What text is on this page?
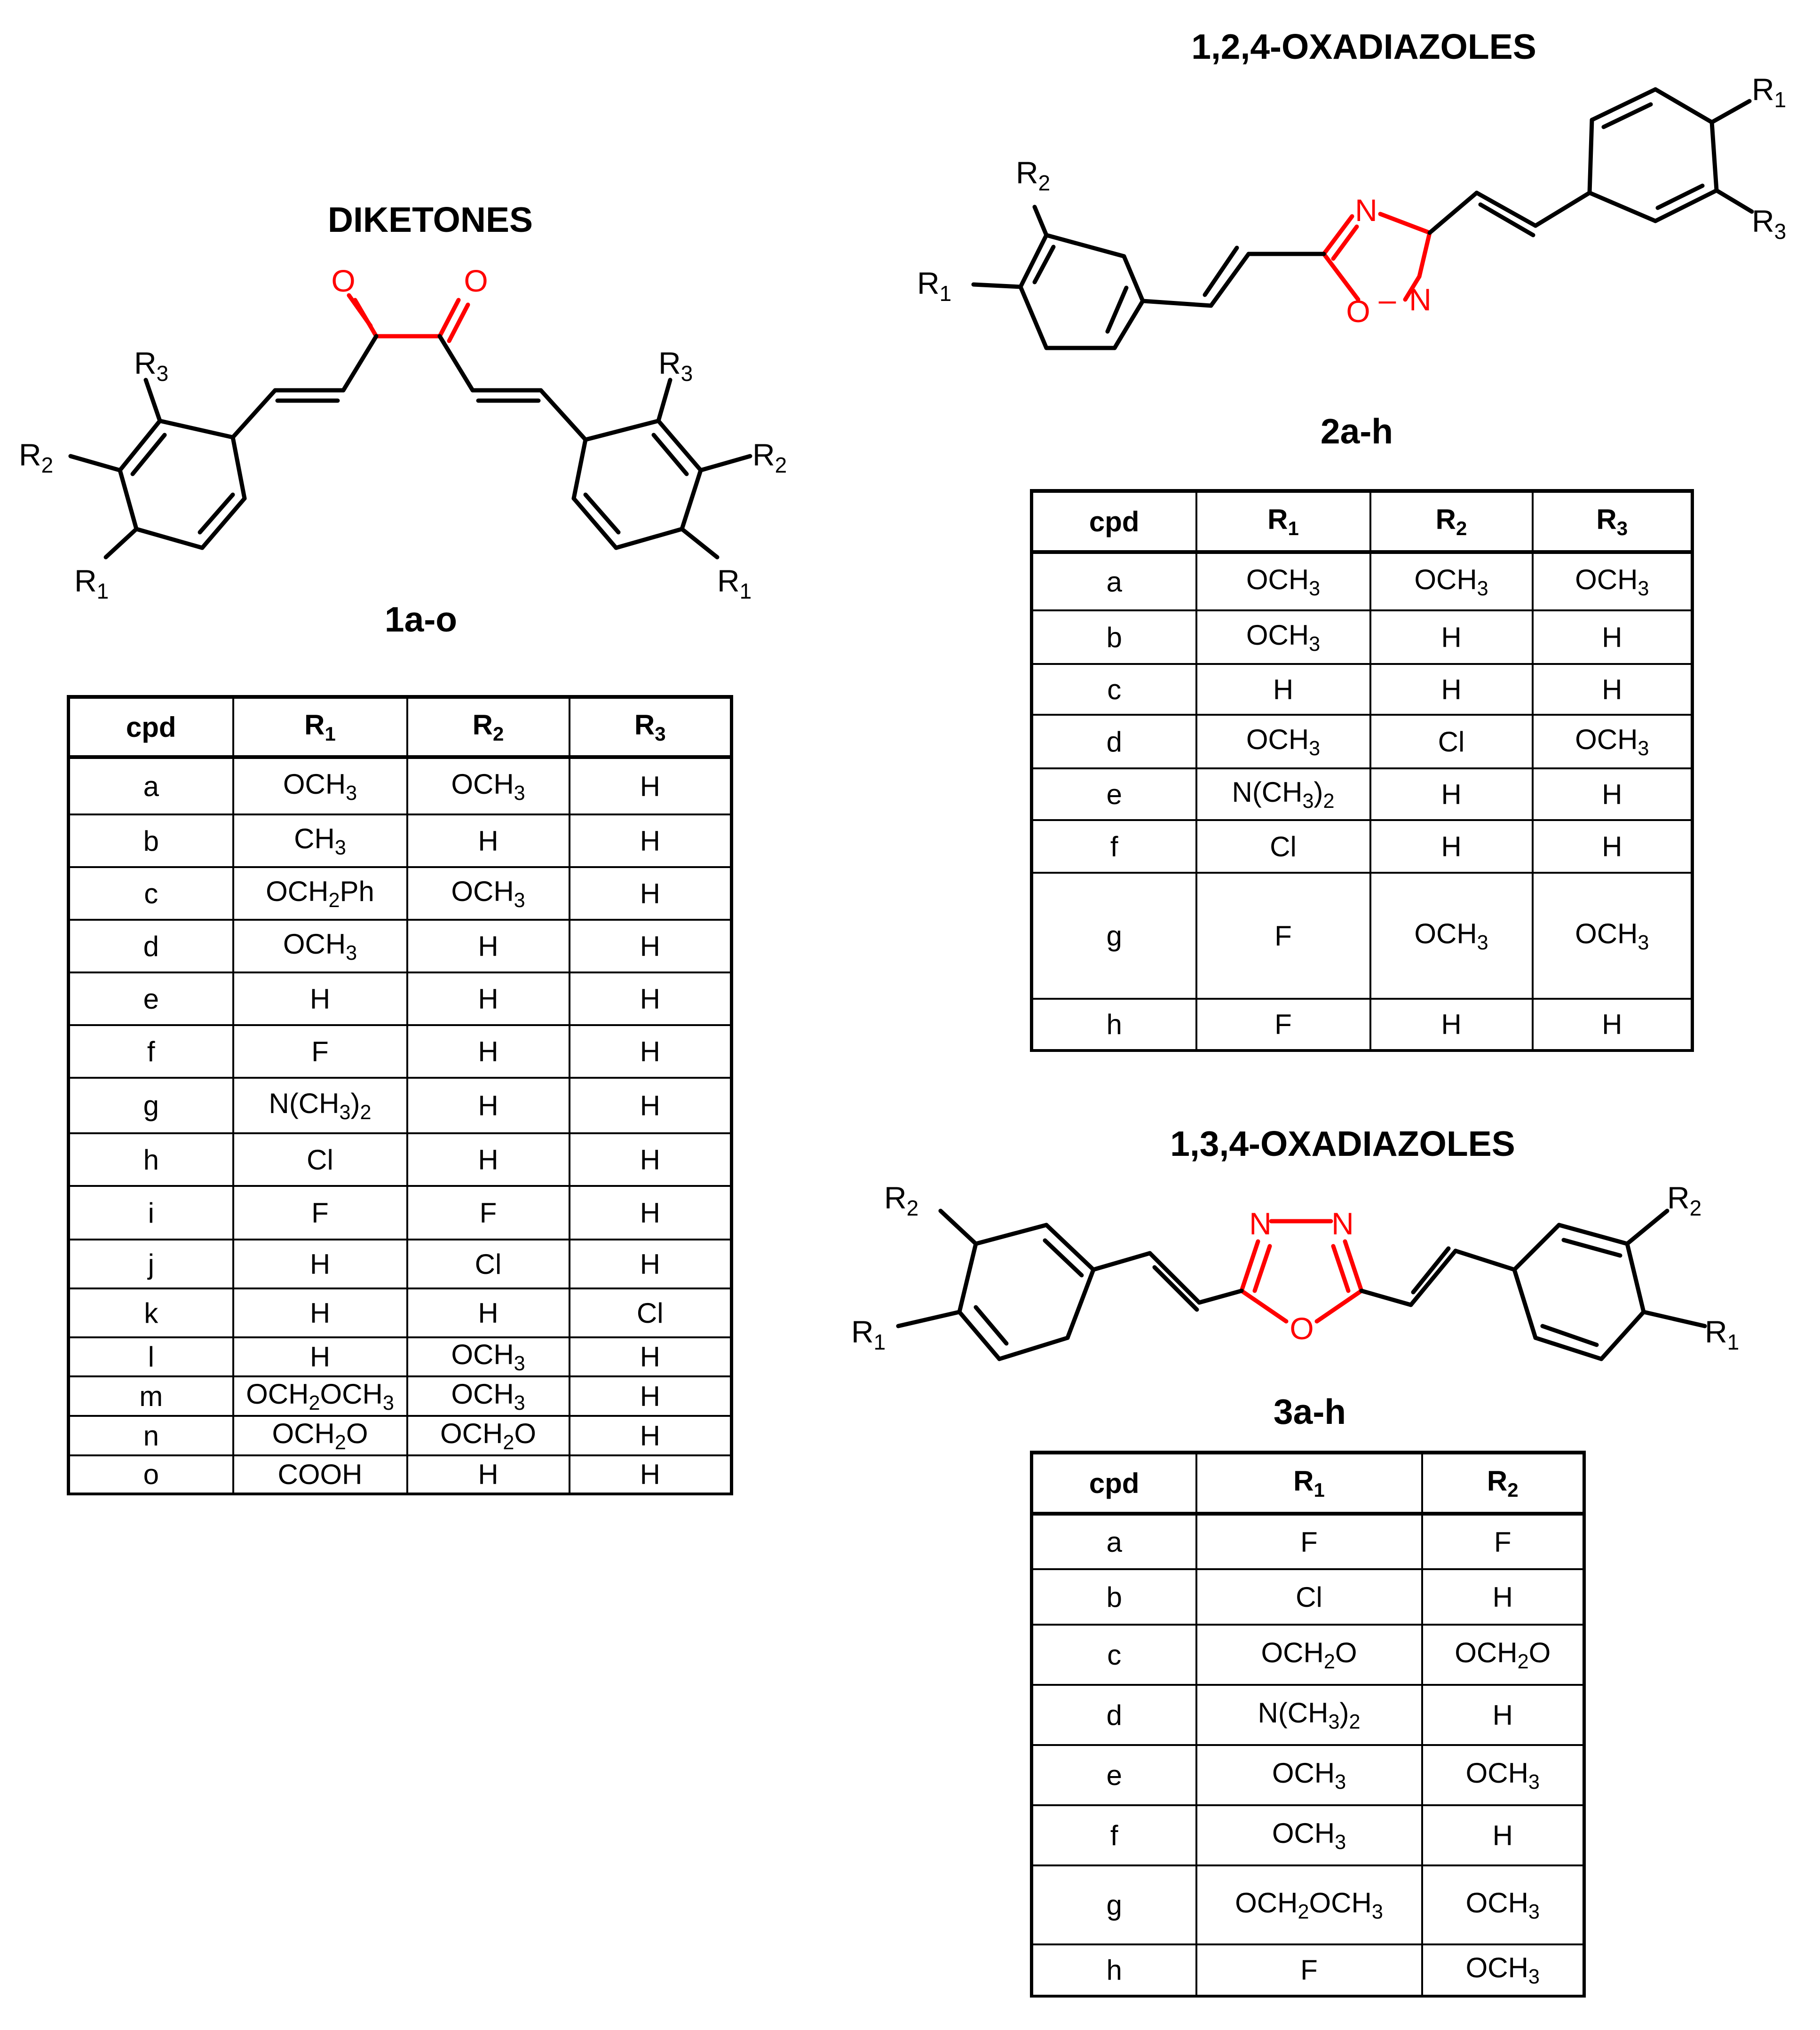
DIKETONES
1a-o
O	O
$R_3$
$R_2$
$R_1$
$R_3$
$R_2$
$R_1$
1,2,4-OXADIAZOLES
2a-h
N
N
O –
$R_2$
$R_1$
$R_1$
$R_3$
1,3,4-OXADIAZOLES
3a-h
N N
O
$R_2$
$R_1$
$R_2$
$R_1$
cpd	$R_1$	$R_2$	$R_3$
a	$OCH_3$	$OCH_3$	H
b	$CH_3$	H	H
c	$OCH_2Ph$	$OCH_3$	H
d	$OCH_3$	H	H
e	H	H	H
f	F	H	H
g	$N(CH_3)_2$	H	H
h	Cl	H	H
i	F	F	H
j	H	Cl	H
k	H	H	Cl
l	H	$OCH_3$	H
m	$OCH_2OCH_3$	$OCH_3$	H
n	$OCH_2O$	$OCH_2O$	H
o	COOH	H	H
cpd	$R_1$	$R_2$	$R_3$
a	$OCH_3$	$OCH_3$	$OCH_3$
b	$OCH_3$	H	H
c	H	H	H
d	$OCH_3$	Cl	$OCH_3$
e	$N(CH_3)_2$	H	H
f	Cl	H	H
g	F	$OCH_3$	$OCH_3$
h	F	H	H
cpd	$R_1$	$R_2$
a	F	F
b	Cl	H
c	$OCH_2O$	$OCH_2O$
d	$N(CH_3)_2$	H
e	$OCH_3$	$OCH_3$
f	$OCH_3$	H
g	$OCH_2OCH_3$	$OCH_3$
h	F	$OCH_3$
